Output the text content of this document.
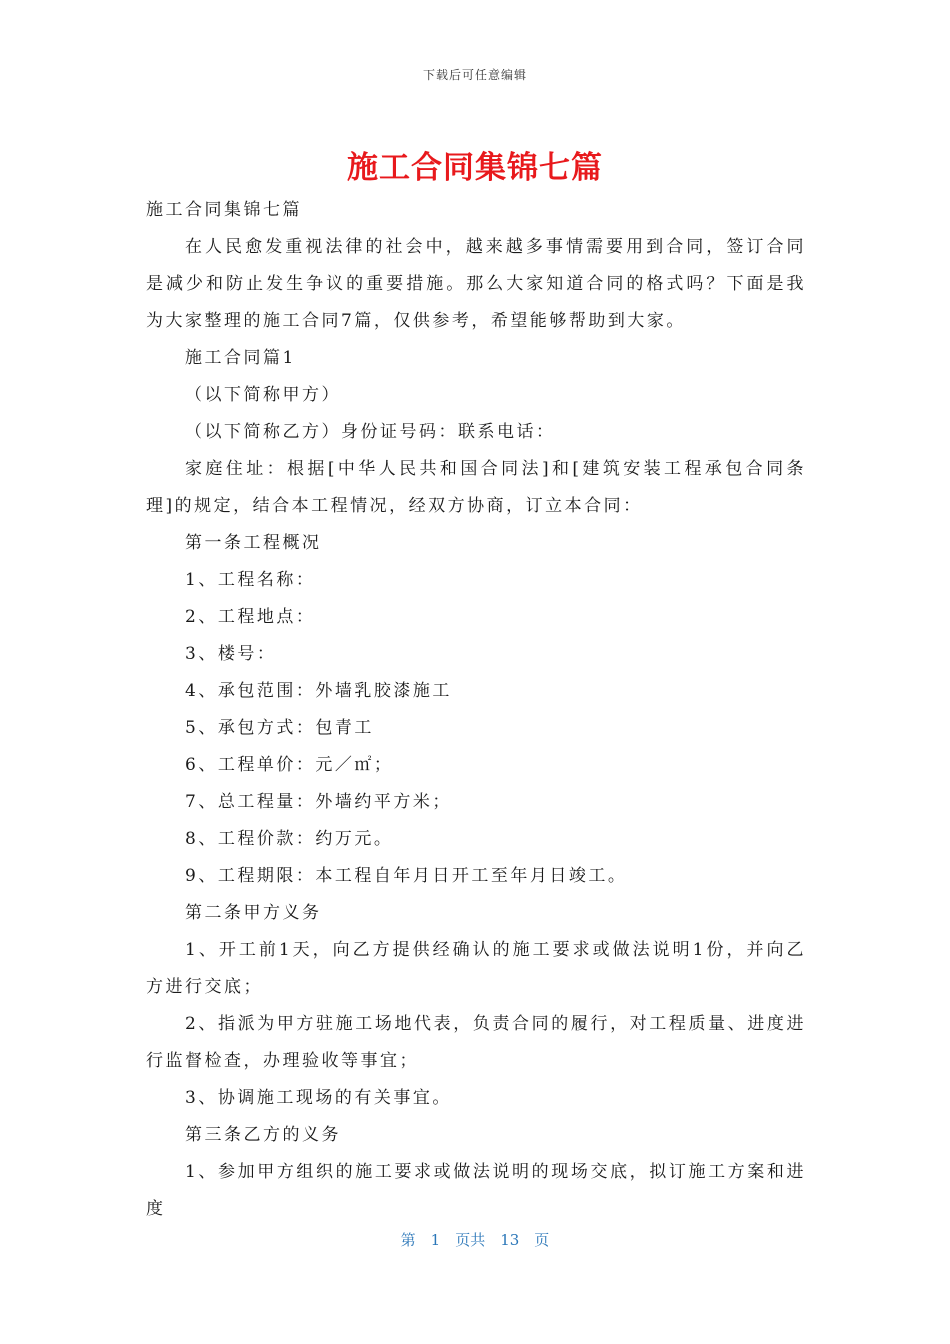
下载后可任意编辑
施工合同集锦七篇

施工合同集锦七篇

在人民愈发重视法律的社会中，越来越多事情需要用到合同，签订合同是减少和防止发生争议的重要措施。那么大家知道合同的格式吗？下面是我为大家整理的施工合同7篇，仅供参考，希望能够帮助到大家。

施工合同篇1

（以下简称甲方）

（以下简称乙方）身份证号码：联系电话：

家庭住址：根据[中华人民共和国合同法]和[建筑安装工程承包合同条理]的规定，结合本工程情况，经双方协商，订立本合同：

第一条工程概况

1、工程名称：

2、工程地点：

3、楼号：

4、承包范围：外墙乳胶漆施工

5、承包方式：包青工

6、工程单价：元／㎡；

7、总工程量：外墙约平方米；

8、工程价款：约万元。

9、工程期限：本工程自年月日开工至年月日竣工。

第二条甲方义务

1、开工前1天，向乙方提供经确认的施工要求或做法说明1份，并向乙方进行交底；

2、指派为甲方驻施工场地代表，负责合同的履行，对工程质量、进度进行监督检查，办理验收等事宜；

3、协调施工现场的有关事宜。

第三条乙方的义务

1、参加甲方组织的施工要求或做法说明的现场交底，拟订施工方案和进度

第　1　页共　13　页
